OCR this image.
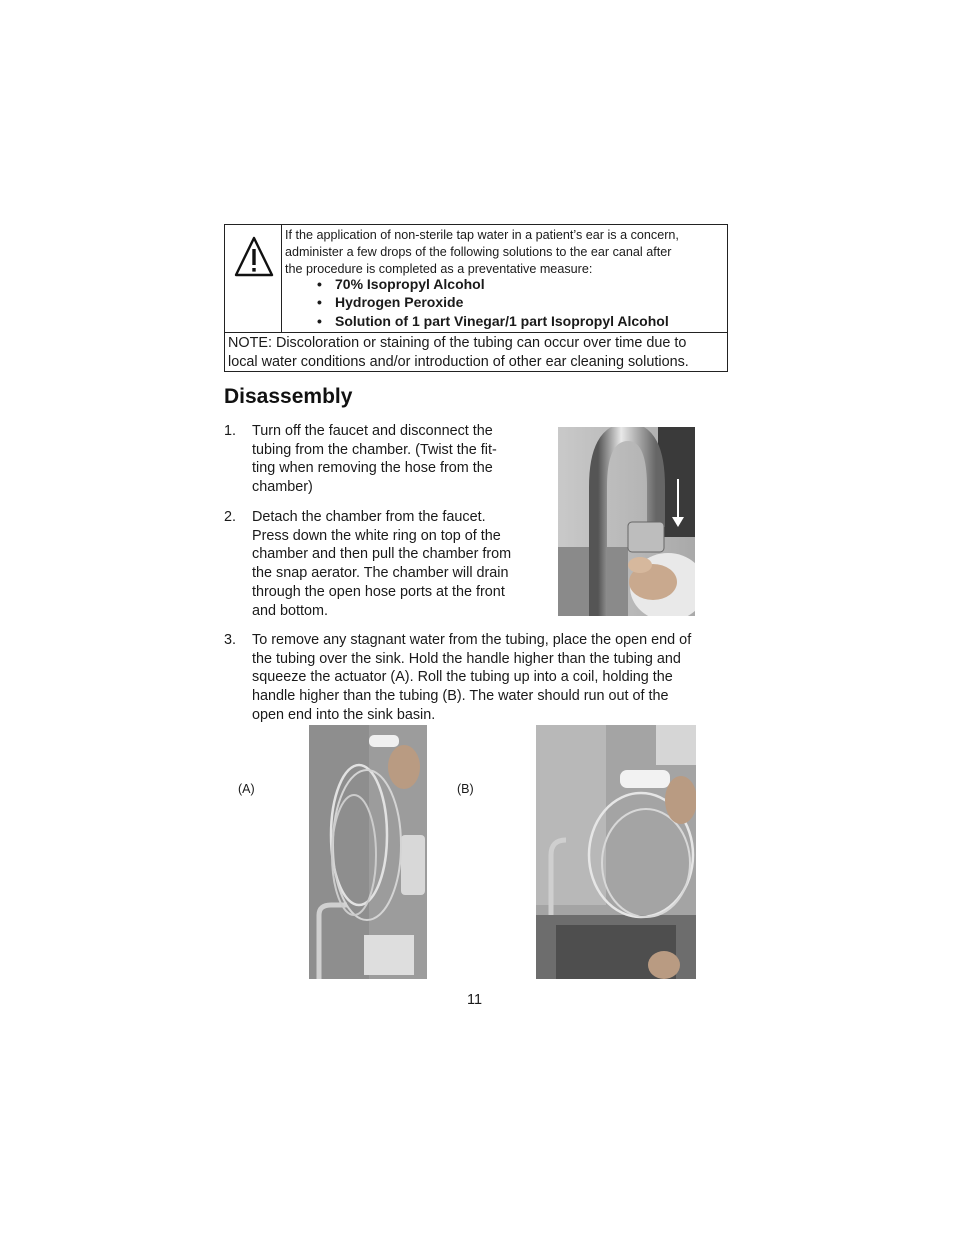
If the application of non-sterile tap water in a patient’s ear is a concern,
administer a few drops of the following solutions to the ear canal after
the procedure is completed as a preventative measure:
• 70% Isopropyl Alcohol
• Hydrogen Peroxide
• Solution of 1 part Vinegar/1 part Isopropyl Alcohol
NOTE: Discoloration or staining of the tubing can occur over time due to
local water conditions and/or introduction of other ear cleaning solutions.
Disassembly
1. Turn off the faucet and disconnect the
tubing from the chamber. (Twist the fit-
ting when removing the hose from the
chamber)
2. Detach the chamber from the faucet.
Press down the white ring on top of the
chamber and then pull the chamber from
the snap aerator. The chamber will drain
through the open hose ports at the front
and bottom.
3. To remove any stagnant water from the tubing, place the open end of
the tubing over the sink. Hold the handle higher than the tubing and
squeeze the actuator (A). Roll the tubing up into a coil, holding the
handle higher than the tubing (B). The water should run out of the
open end into the sink basin.
(A)	(B)
11
